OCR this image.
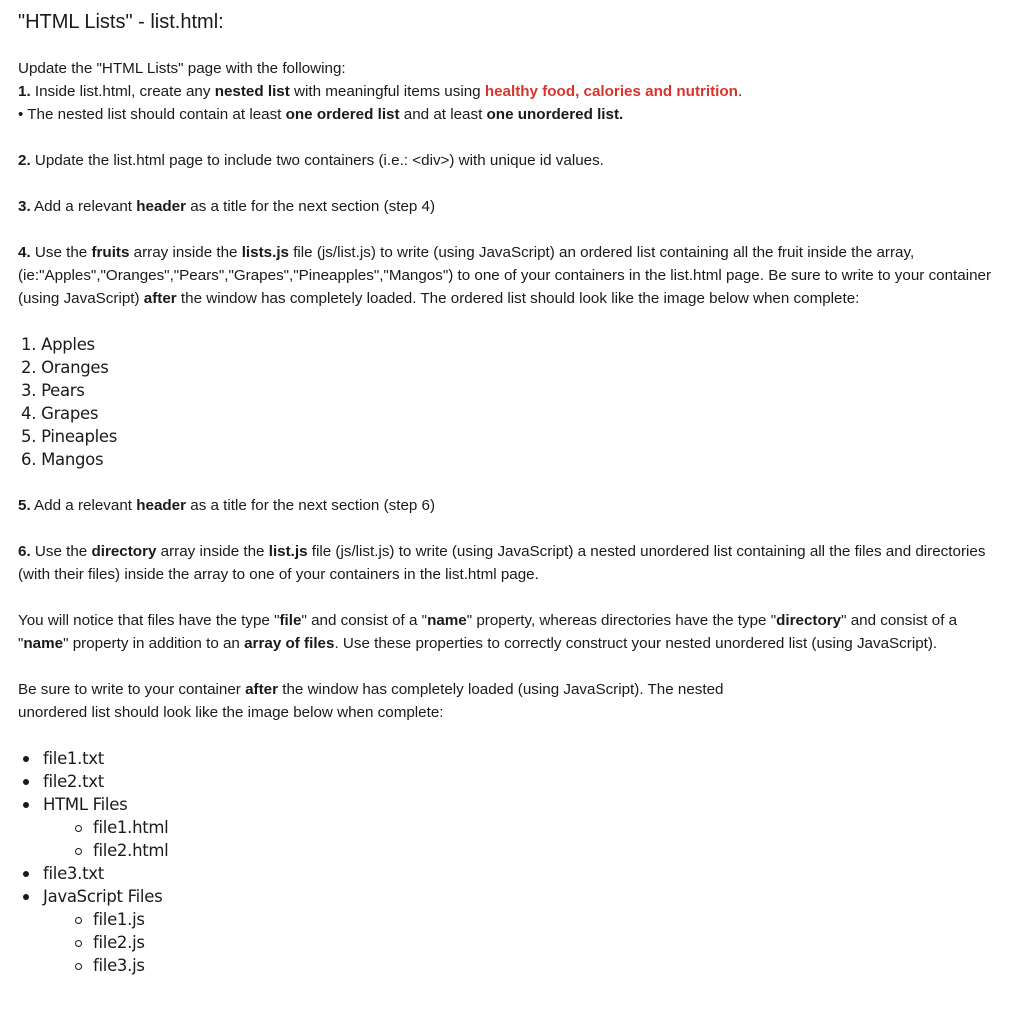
"HTML Lists" - list.html:

Update the "HTML Lists" page with the following:

1. Inside list.html, create any nested list with meaningful items using healthy food, calories and nutrition.

• The nested list should contain at least one ordered list and at least one unordered list.

2. Update the list.html page to include two containers (i.e.: <div>) with unique id values.

3. Add a relevant header as a title for the next section (step 4)

4. Use the fruits array inside the lists.js file (js/list.js) to write (using JavaScript) an ordered list containing all the fruit inside the array, (ie:"Apples","Oranges","Pears","Grapes","Pineapples","Mangos") to one of your containers in the list.html page. Be sure to write to your container (using JavaScript) after the window has completely loaded. The ordered list should look like the image below when complete:

1. Apples
2. Oranges
3. Pears
4. Grapes
5. Pineaples
6. Mangos

5. Add a relevant header as a title for the next section (step 6)

6. Use the directory array inside the list.js file (js/list.js) to write (using JavaScript) a nested unordered list containing all the files and directories (with their files) inside the array to one of your containers in the list.html page.

You will notice that files have the type "file" and consist of a "name" property, whereas directories have the type "directory" and consist of a "name" property in addition to an array of files. Use these properties to correctly construct your nested unordered list (using JavaScript).

Be sure to write to your container after the window has completely loaded (using JavaScript). The nested
unordered list should look like the image below when complete:

file1.txt
file2.txt
HTML Files
file1.html
file2.html
file3.txt
JavaScript Files
file1.js
file2.js
file3.js
